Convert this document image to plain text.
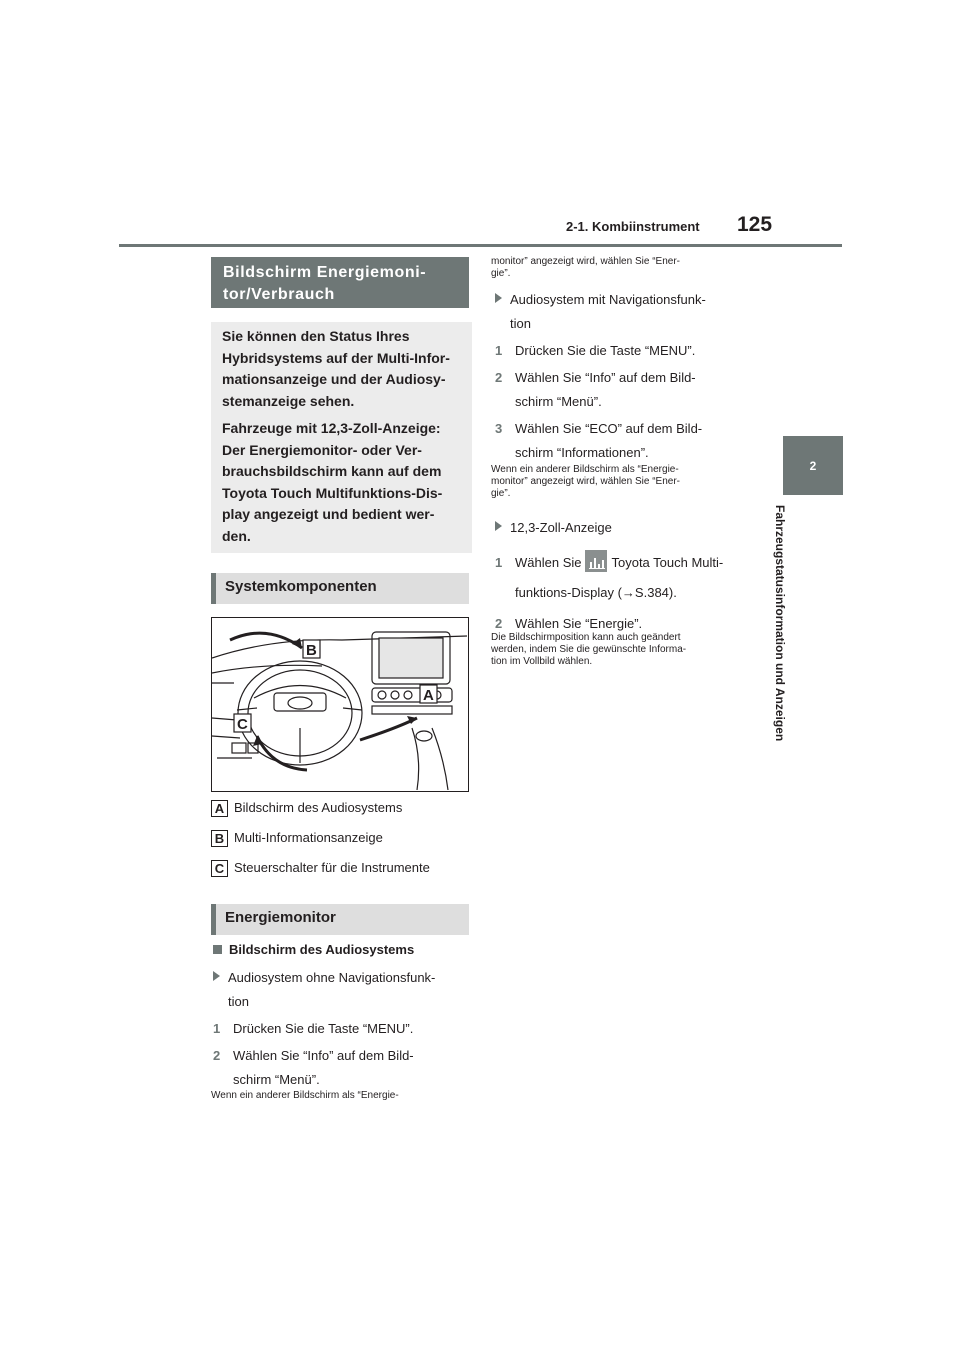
2-1. Kombiinstrument 125
2
Fahrzeugstatusinformation und Anzeigen
Bildschirm Energiemoni-
tor/Verbrauch

Sie können den Status Ihres
Hybridsystems auf der Multi-Infor-
mationsanzeige und der Audiosy-
stemanzeige sehen.

Fahrzeuge mit 12,3-Zoll-Anzeige:
Der Energiemonitor- oder Ver-
brauchsbildschirm kann auf dem
Toyota Touch Multifunktions-Dis-
play angezeigt und bedient wer-
den.

Systemkomponenten
B
A
C
A Bildschirm des Audiosystems
B Multi-Informationsanzeige
C Steuerschalter für die Instrumente
Energiemonitor
Bildschirm des Audiosystems
Audiosystem ohne Navigationsfunk-
tion
1 Drücken Sie die Taste “MENU”.
2 Wählen Sie “Info” auf dem Bild-
schirm “Menü”.
Wenn ein anderer Bildschirm als “Energie-
monitor” angezeigt wird, wählen Sie “Ener-
gie”.
Audiosystem mit Navigationsfunk-
tion
1 Drücken Sie die Taste “MENU”.
2 Wählen Sie “Info” auf dem Bild-
schirm “Menü”.
3 Wählen Sie “ECO” auf dem Bild-
schirm “Informationen”.
Wenn ein anderer Bildschirm als “Energie-
monitor” angezeigt wird, wählen Sie “Ener-
gie”.
12,3-Zoll-Anzeige
1 Wählen Sie Toyota Touch Multi-
funktions-Display (→S.384).
2 Wählen Sie “Energie”.
Die Bildschirmposition kann auch geändert
werden, indem Sie die gewünschte Informa-
tion im Vollbild wählen.
